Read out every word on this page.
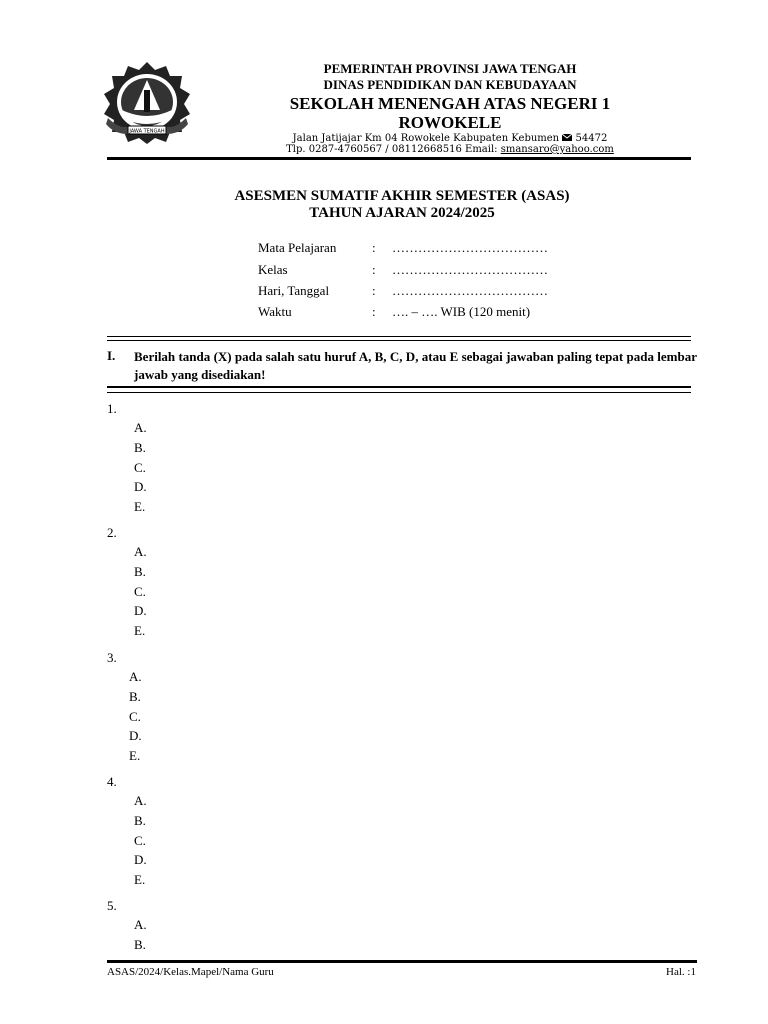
JAWA TENGAH
PEMERINTAH PROVINSI JAWA TENGAH
DINAS PENDIDIKAN DAN KEBUDAYAAN
SEKOLAH MENENGAH ATAS NEGERI 1
ROWOKELE
Jalan Jatijajar Km 04 Rowokele Kabupaten Kebumen 54472
Tlp. 0287-4760567 / 08112668516 Email: smansaro@yahoo.com
ASESMEN SUMATIF AKHIR SEMESTER (ASAS)
TAHUN AJARAN 2024/2025
Mata Pelajaran	: ………………………………
Kelas	: ………………………………
Hari, Tanggal	: ………………………………
Waktu	: …. – …. WIB (120 menit)
I. Berilah tanda (X) pada salah satu huruf A, B, C, D, atau E sebagai jawaban paling tepat pada lembar jawab yang disediakan!
1.
A.
B.
C.
D.
E.
2.
A.
B.
C.
D.
E.
3.
A.
B.
C.
D.
E.
4.
A.
B.
C.
D.
E.
5.
A.
B.
ASAS/2024/Kelas.Mapel/Nama Guru	Hal. :1
